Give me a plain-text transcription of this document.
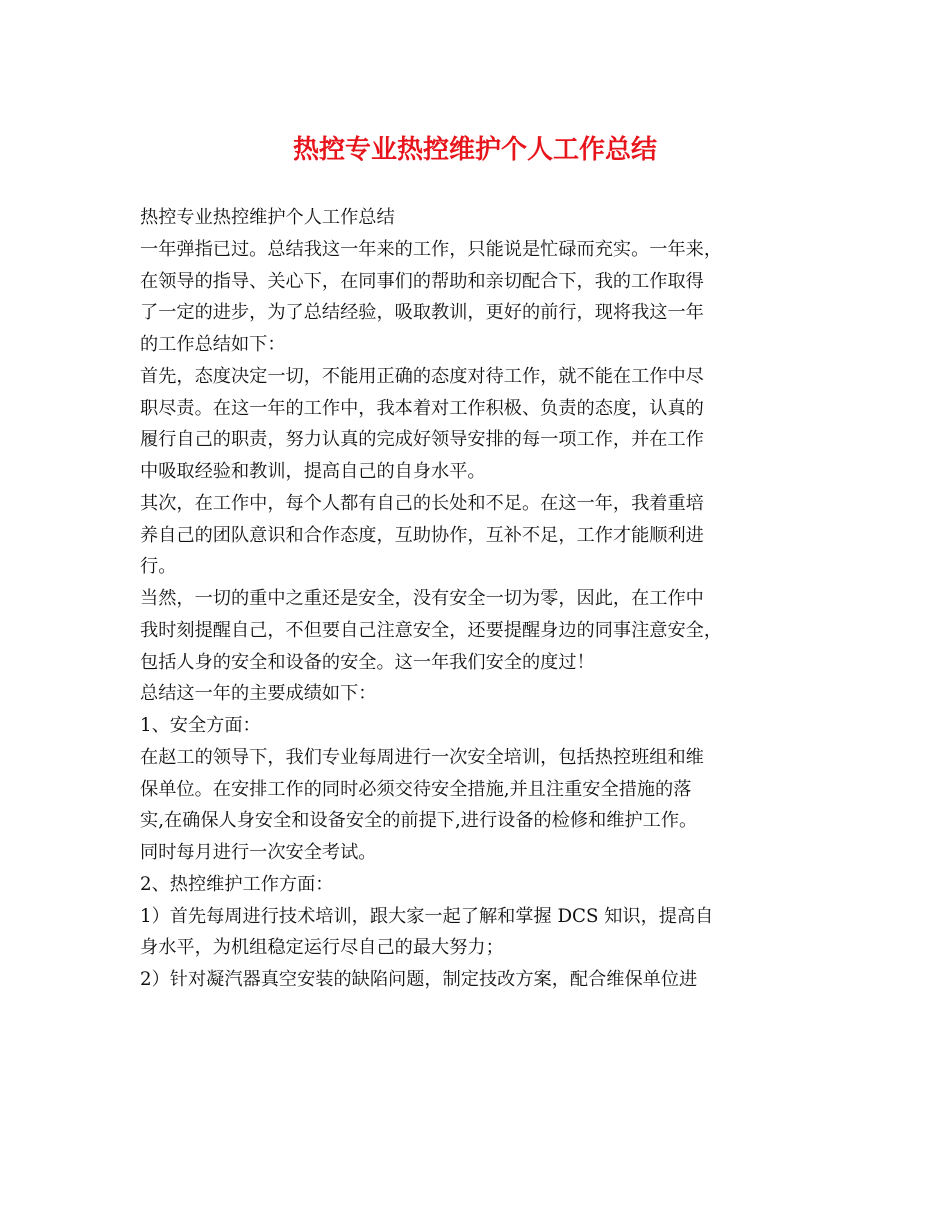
热控专业热控维护个人工作总结
热控专业热控维护个人工作总结
一年弹指已过。总结我这一年来的工作，只能说是忙碌而充实。一年来，
在领导的指导、关心下，在同事们的帮助和亲切配合下，我的工作取得
了一定的进步，为了总结经验，吸取教训，更好的前行，现将我这一年
的工作总结如下：
首先，态度决定一切，不能用正确的态度对待工作，就不能在工作中尽
职尽责。在这一年的工作中，我本着对工作积极、负责的态度，认真的
履行自己的职责，努力认真的完成好领导安排的每一项工作，并在工作
中吸取经验和教训，提高自己的自身水平。
其次，在工作中，每个人都有自己的长处和不足。在这一年，我着重培
养自己的团队意识和合作态度，互助协作，互补不足，工作才能顺利进
行。
当然，一切的重中之重还是安全，没有安全一切为零，因此，在工作中
我时刻提醒自己，不但要自己注意安全，还要提醒身边的同事注意安全，
包括人身的安全和设备的安全。这一年我们安全的度过！
总结这一年的主要成绩如下：
1、安全方面：
在赵工的领导下，我们专业每周进行一次安全培训，包括热控班组和维
保单位。在安排工作的同时必须交待安全措施,并且注重安全措施的落
实,在确保人身安全和设备安全的前提下,进行设备的检修和维护工作。
同时每月进行一次安全考试。
2、热控维护工作方面：
1）首先每周进行技术培训，跟大家一起了解和掌握 DCS 知识，提高自
身水平，为机组稳定运行尽自己的最大努力；
2）针对凝汽器真空安装的缺陷问题，制定技改方案，配合维保单位进
